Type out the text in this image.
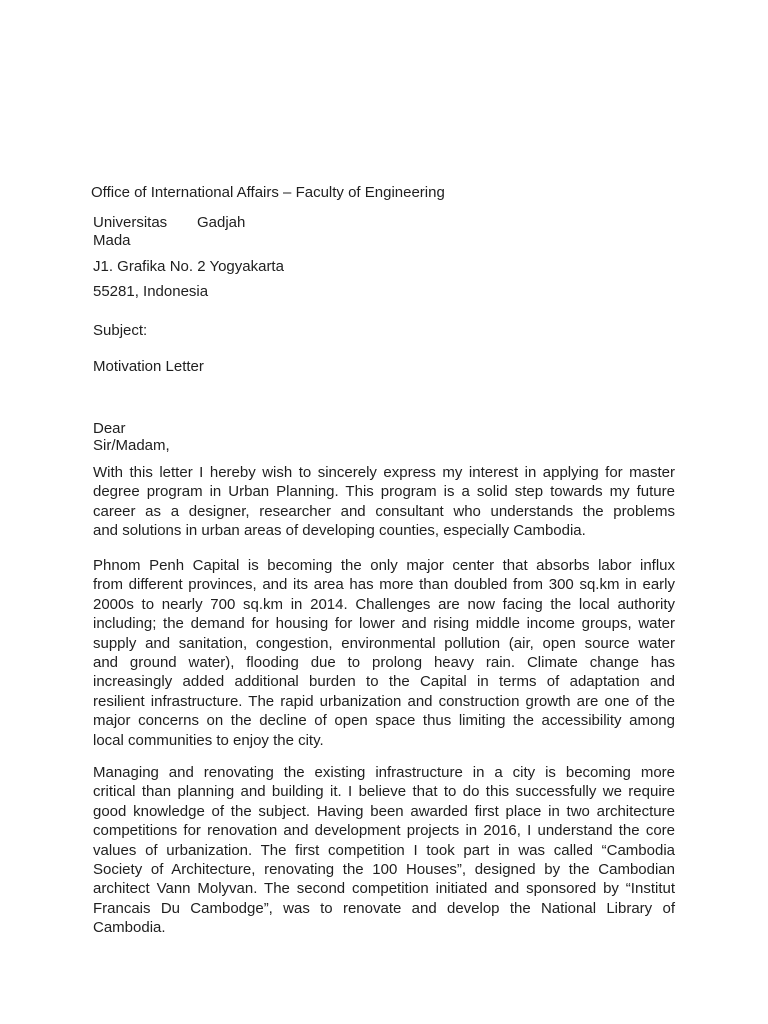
Office of International Affairs – Faculty of Engineering

Universitas Gadjah
Mada

J1. Grafika No. 2 Yogyakarta

55281, Indonesia

Subject:

Motivation Letter

Dear
Sir/Madam,
With this letter I hereby wish to sincerely express my interest in applying for master
degree program in Urban Planning. This program is a solid step towards my future
career as a designer, researcher and consultant who understands the problems
and solutions in urban areas of developing counties, especially Cambodia.
Phnom Penh Capital is becoming the only major center that absorbs labor influx
from different provinces, and its area has more than doubled from 300 sq.km in early
2000s to nearly 700 sq.km in 2014. Challenges are now facing the local authority
including; the demand for housing for lower and rising middle income groups, water
supply and sanitation, congestion, environmental pollution (air, open source water
and ground water), flooding due to prolong heavy rain. Climate change has
increasingly added additional burden to the Capital in terms of adaptation and
resilient infrastructure. The rapid urbanization and construction growth are one of the
major concerns on the decline of open space thus limiting the accessibility among
local communities to enjoy the city.
Managing and renovating the existing infrastructure in a city is becoming more
critical than planning and building it. I believe that to do this successfully we require
good knowledge of the subject. Having been awarded first place in two architecture
competitions for renovation and development projects in 2016, I understand the core
values of urbanization. The first competition I took part in was called “Cambodia
Society of Architecture, renovating the 100 Houses”, designed by the Cambodian
architect Vann Molyvan. The second competition initiated and sponsored by “Institut
Francais Du Cambodge”, was to renovate and develop the National Library of
Cambodia.
